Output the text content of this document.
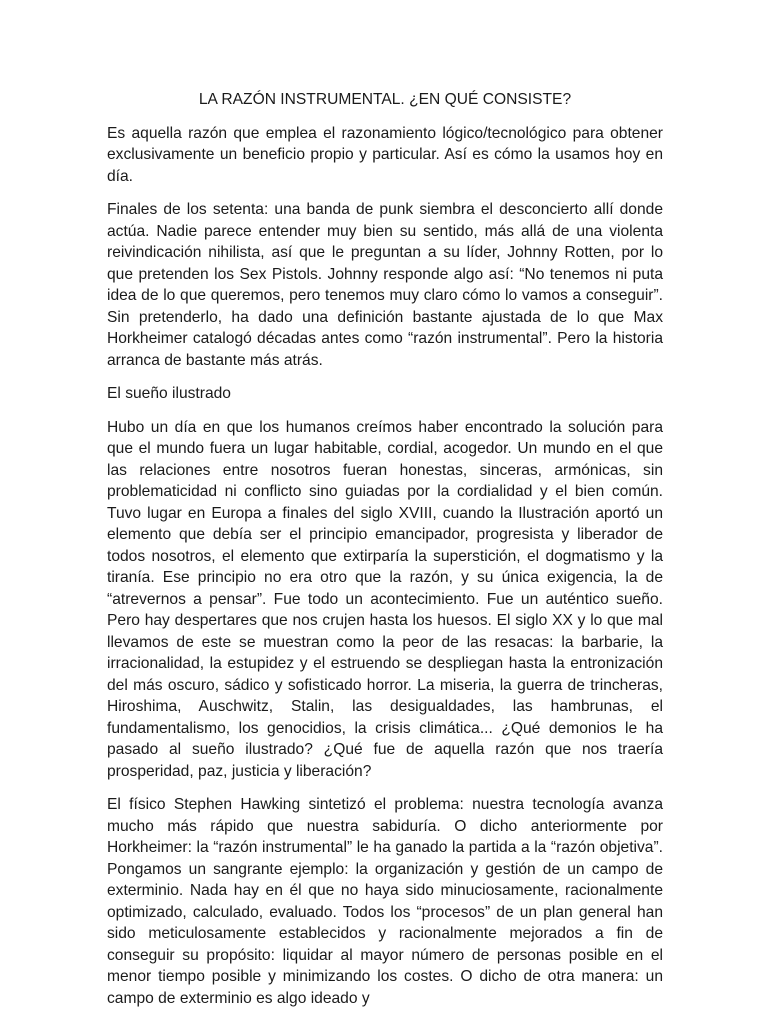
LA RAZÓN INSTRUMENTAL. ¿EN QUÉ CONSISTE?

Es aquella razón que emplea el razonamiento lógico/tecnológico para obtener exclusivamente un beneficio propio y particular. Así es cómo la usamos hoy en día.

Finales de los setenta: una banda de punk siembra el desconcierto allí donde actúa. Nadie parece entender muy bien su sentido, más allá de una violenta reivindicación nihilista, así que le preguntan a su líder, Johnny Rotten, por lo que pretenden los Sex Pistols. Johnny responde algo así: “No tenemos ni puta idea de lo que queremos, pero tenemos muy claro cómo lo vamos a conseguir”. Sin pretenderlo, ha dado una definición bastante ajustada de lo que Max Horkheimer catalogó décadas antes como “razón instrumental”. Pero la historia arranca de bastante más atrás.

El sueño ilustrado

Hubo un día en que los humanos creímos haber encontrado la solución para que el mundo fuera un lugar habitable, cordial, acogedor. Un mundo en el que las relaciones entre nosotros fueran honestas, sinceras, armónicas, sin problematicidad ni conflicto sino guiadas por la cordialidad y el bien común. Tuvo lugar en Europa a finales del siglo XVIII, cuando la Ilustración aportó un elemento que debía ser el principio emancipador, progresista y liberador de todos nosotros, el elemento que extirparía la superstición, el dogmatismo y la tiranía. Ese principio no era otro que la razón, y su única exigencia, la de “atrevernos a pensar”. Fue todo un acontecimiento. Fue un auténtico sueño. Pero hay despertares que nos crujen hasta los huesos. El siglo XX y lo que mal llevamos de este se muestran como la peor de las resacas: la barbarie, la irracionalidad, la estupidez y el estruendo se despliegan hasta la entronización del más oscuro, sádico y sofisticado horror. La miseria, la guerra de trincheras, Hiroshima, Auschwitz, Stalin, las desigualdades, las hambrunas, el fundamentalismo, los genocidios, la crisis climática... ¿Qué demonios le ha pasado al sueño ilustrado? ¿Qué fue de aquella razón que nos traería prosperidad, paz, justicia y liberación?

El físico Stephen Hawking sintetizó el problema: nuestra tecnología avanza mucho más rápido que nuestra sabiduría. O dicho anteriormente por Horkheimer: la “razón instrumental” le ha ganado la partida a la “razón objetiva”. Pongamos un sangrante ejemplo: la organización y gestión de un campo de exterminio. Nada hay en él que no haya sido minuciosamente, racionalmente optimizado, calculado, evaluado. Todos los “procesos” de un plan general han sido meticulosamente establecidos y racionalmente mejorados a fin de conseguir su propósito: liquidar al mayor número de personas posible en el menor tiempo posible y minimizando los costes. O dicho de otra manera: un campo de exterminio es algo ideado y
